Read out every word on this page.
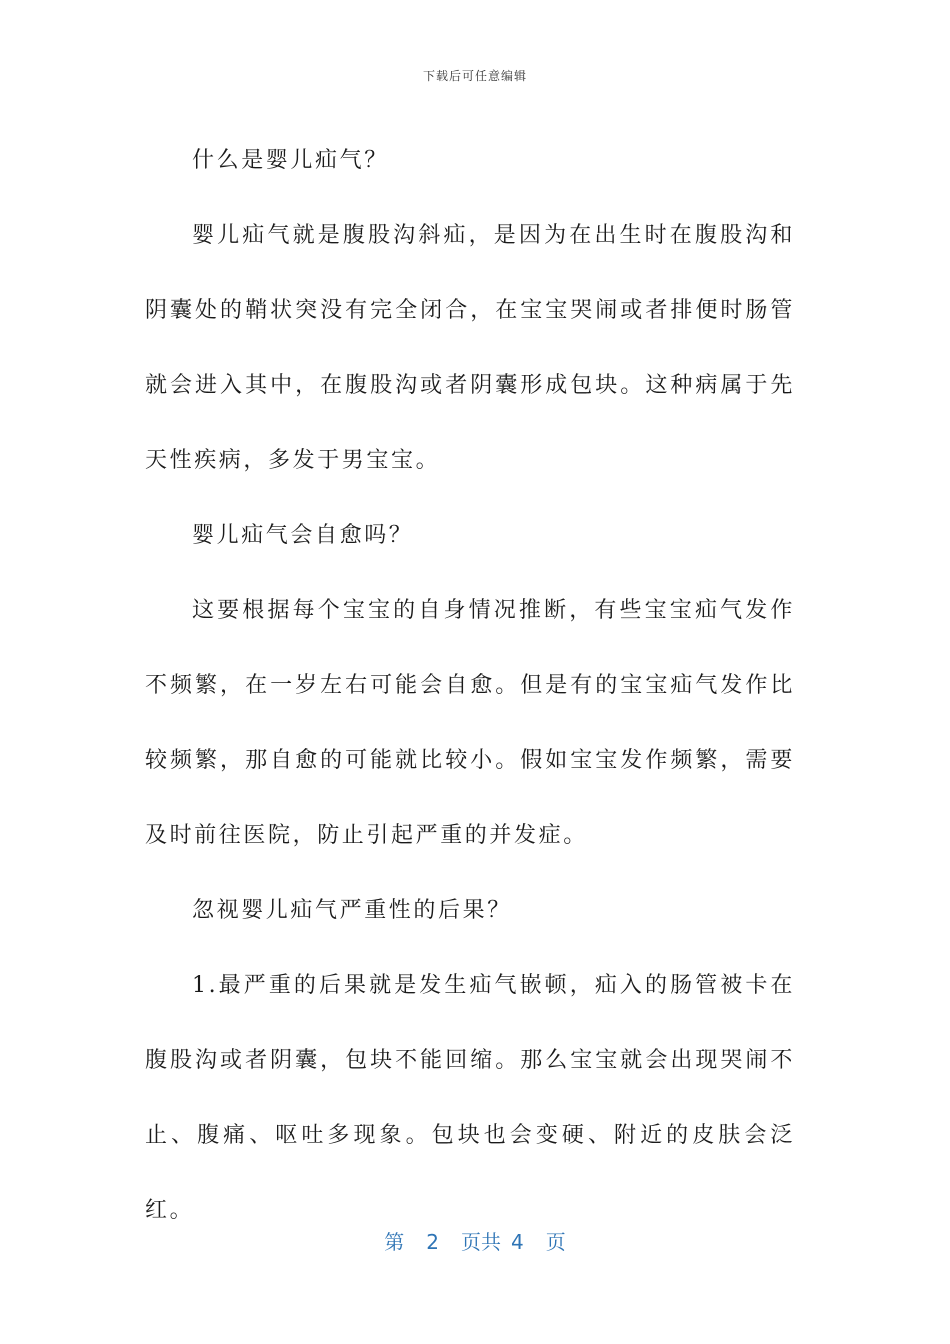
下载后可任意编辑

什么是婴儿疝气？

婴儿疝气就是腹股沟斜疝，是因为在出生时在腹股沟和阴囊处的鞘状突没有完全闭合，在宝宝哭闹或者排便时肠管就会进入其中，在腹股沟或者阴囊形成包块。这种病属于先天性疾病，多发于男宝宝。

婴儿疝气会自愈吗？

这要根据每个宝宝的自身情况推断，有些宝宝疝气发作不频繁，在一岁左右可能会自愈。但是有的宝宝疝气发作比较频繁，那自愈的可能就比较小。假如宝宝发作频繁，需要及时前往医院，防止引起严重的并发症。

忽视婴儿疝气严重性的后果？

1.最严重的后果就是发生疝气嵌顿，疝入的肠管被卡在腹股沟或者阴囊，包块不能回缩。那么宝宝就会出现哭闹不止、腹痛、呕吐多现象。包块也会变硬、附近的皮肤会泛红。

第 2 页共 4 页
